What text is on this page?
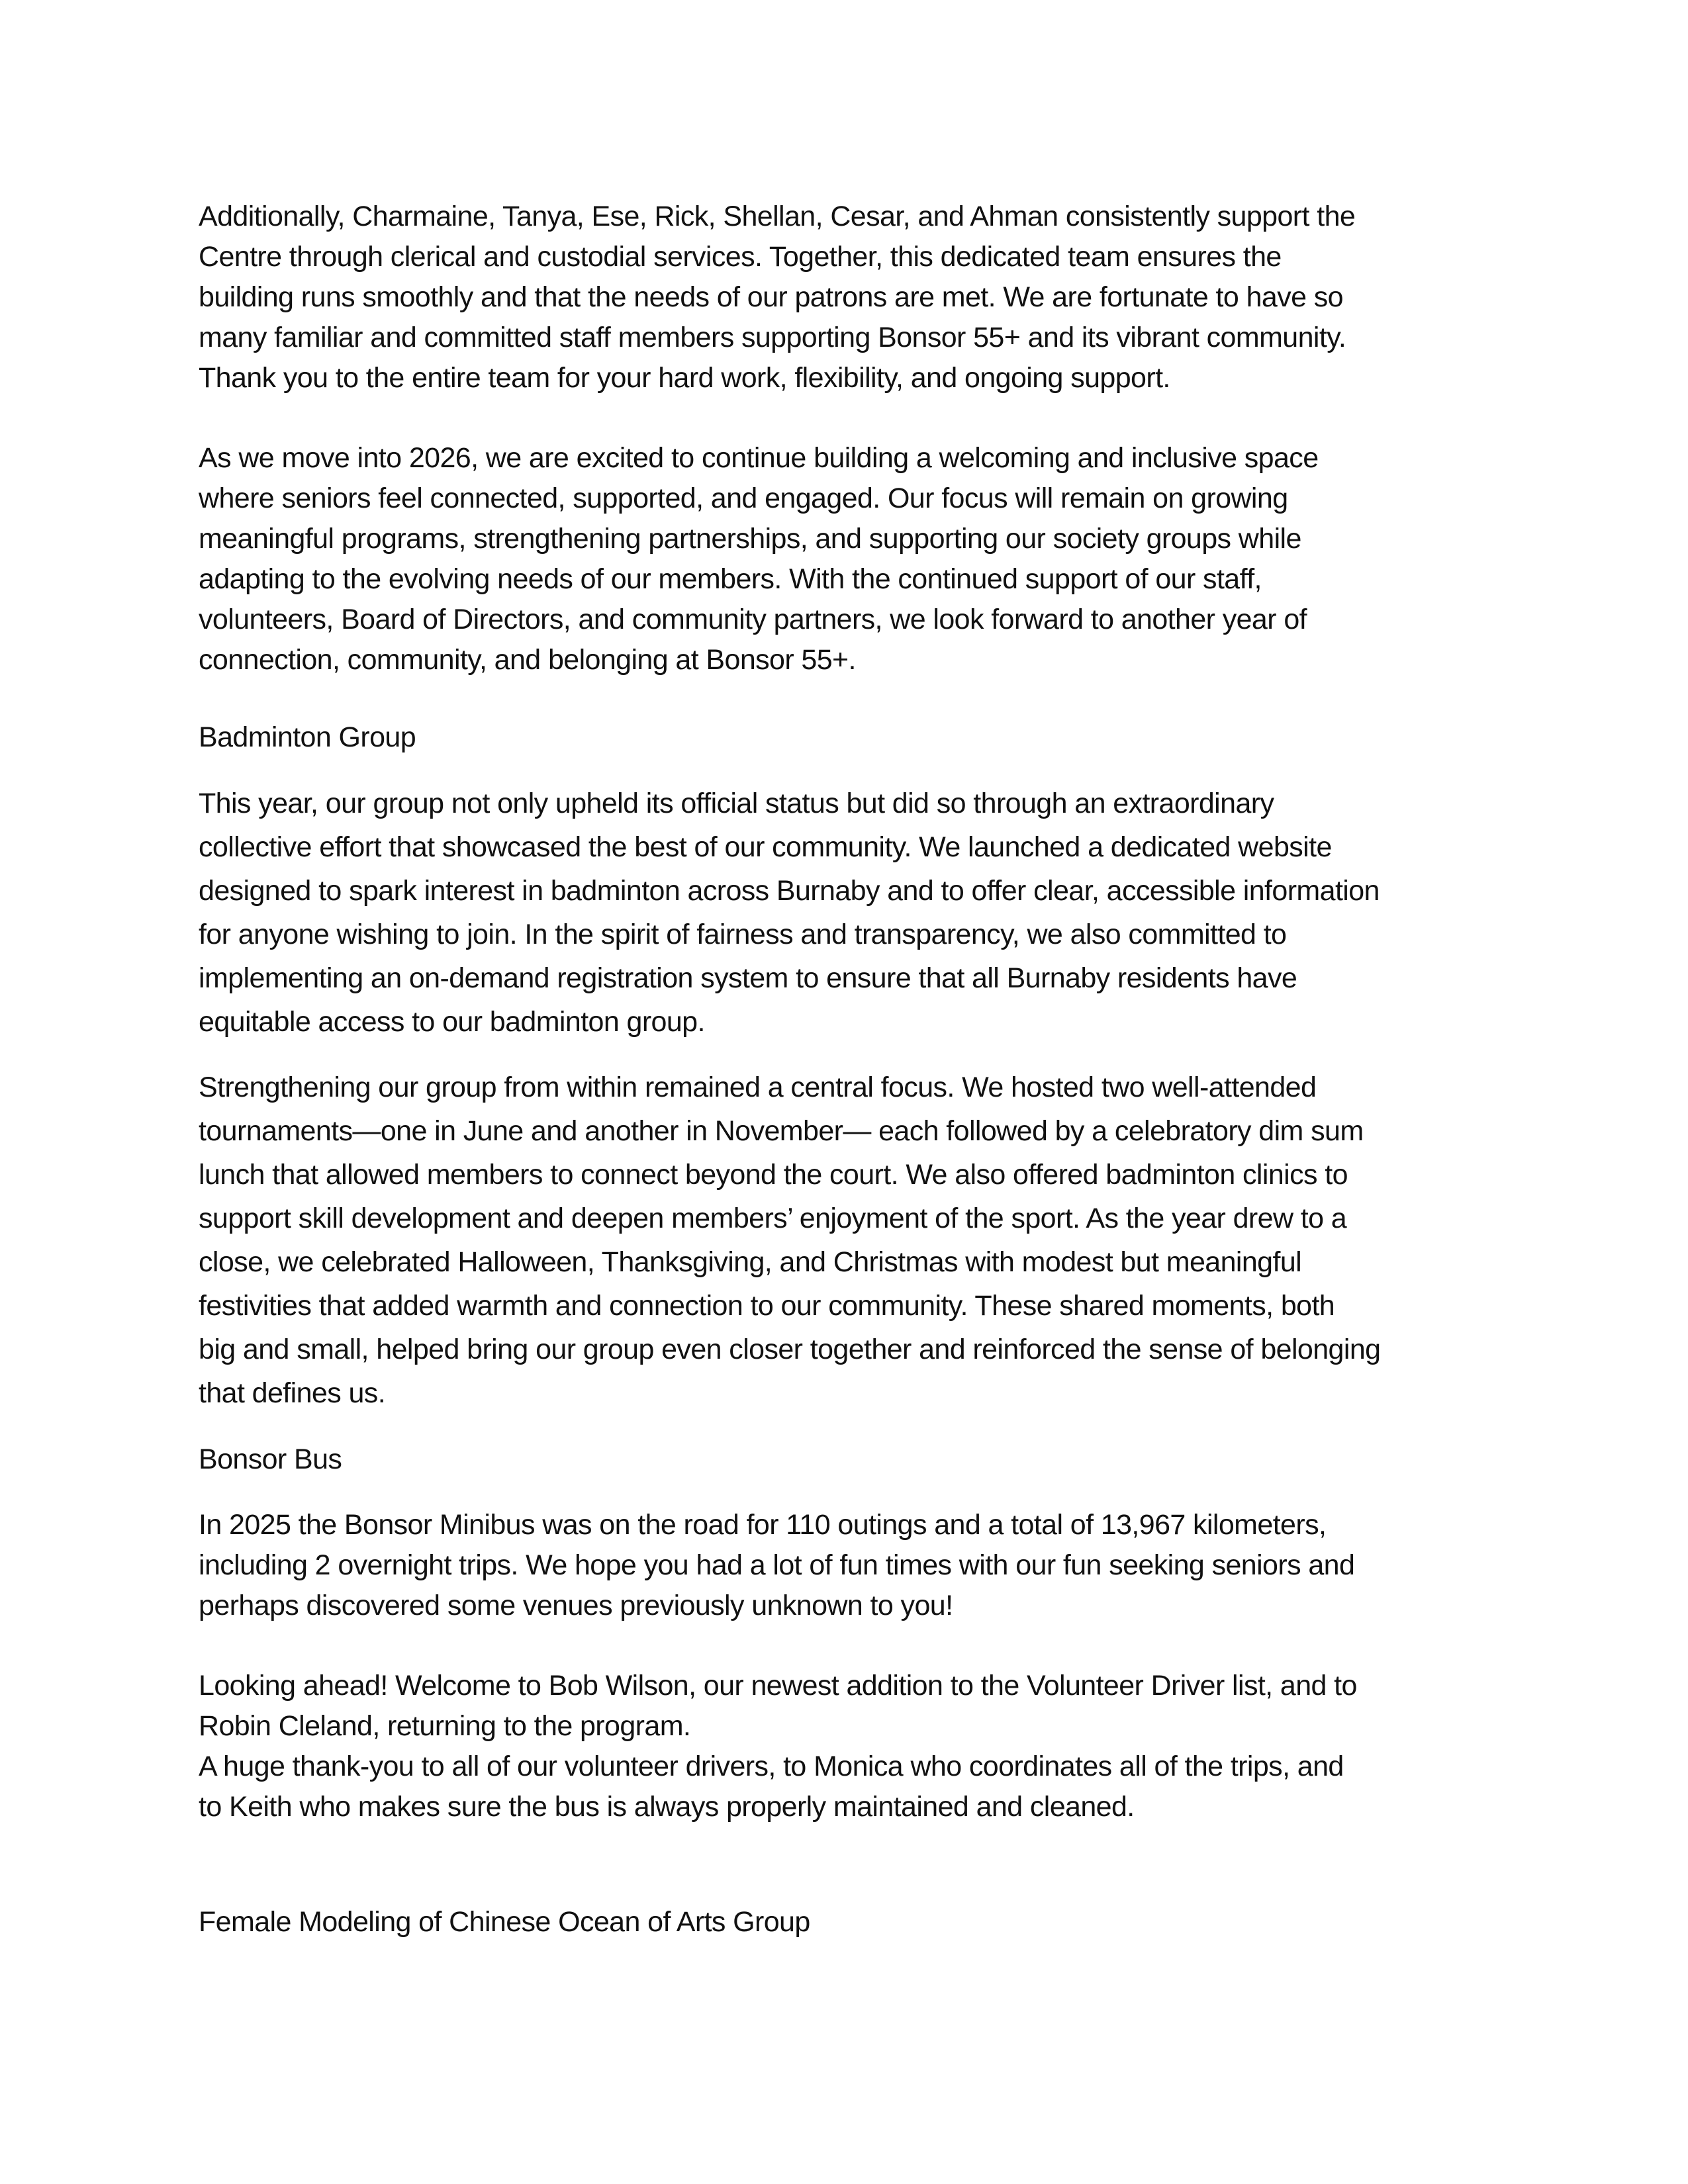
Additionally, Charmaine, Tanya, Ese, Rick, Shellan, Cesar, and Ahman consistently support the
Centre through clerical and custodial services. Together, this dedicated team ensures the
building runs smoothly and that the needs of our patrons are met. We are fortunate to have so
many familiar and committed staff members supporting Bonsor 55+ and its vibrant community.
Thank you to the entire team for your hard work, flexibility, and ongoing support.
As we move into 2026, we are excited to continue building a welcoming and inclusive space
where seniors feel connected, supported, and engaged. Our focus will remain on growing
meaningful programs, strengthening partnerships, and supporting our society groups while
adapting to the evolving needs of our members. With the continued support of our staff,
volunteers, Board of Directors, and community partners, we look forward to another year of
connection, community, and belonging at Bonsor 55+.
Badminton Group
This year, our group not only upheld its official status but did so through an extraordinary
collective effort that showcased the best of our community. We launched a dedicated website
designed to spark interest in badminton across Burnaby and to offer clear, accessible information
for anyone wishing to join. In the spirit of fairness and transparency, we also committed to
implementing an on-demand registration system to ensure that all Burnaby residents have
equitable access to our badminton group.
Strengthening our group from within remained a central focus. We hosted two well-attended
tournaments—one in June and another in November— each followed by a celebratory dim sum
lunch that allowed members to connect beyond the court. We also offered badminton clinics to
support skill development and deepen members’ enjoyment of the sport. As the year drew to a
close, we celebrated Halloween, Thanksgiving, and Christmas with modest but meaningful
festivities that added warmth and connection to our community. These shared moments, both
big and small, helped bring our group even closer together and reinforced the sense of belonging
that defines us.
Bonsor Bus
In 2025 the Bonsor Minibus was on the road for 110 outings and a total of 13,967 kilometers,
including 2 overnight trips. We hope you had a lot of fun times with our fun seeking seniors and
perhaps discovered some venues previously unknown to you!
Looking ahead! Welcome to Bob Wilson, our newest addition to the Volunteer Driver list, and to
Robin Cleland, returning to the program.
A huge thank-you to all of our volunteer drivers, to Monica who coordinates all of the trips, and
to Keith who makes sure the bus is always properly maintained and cleaned.
Female Modeling of Chinese Ocean of Arts Group
